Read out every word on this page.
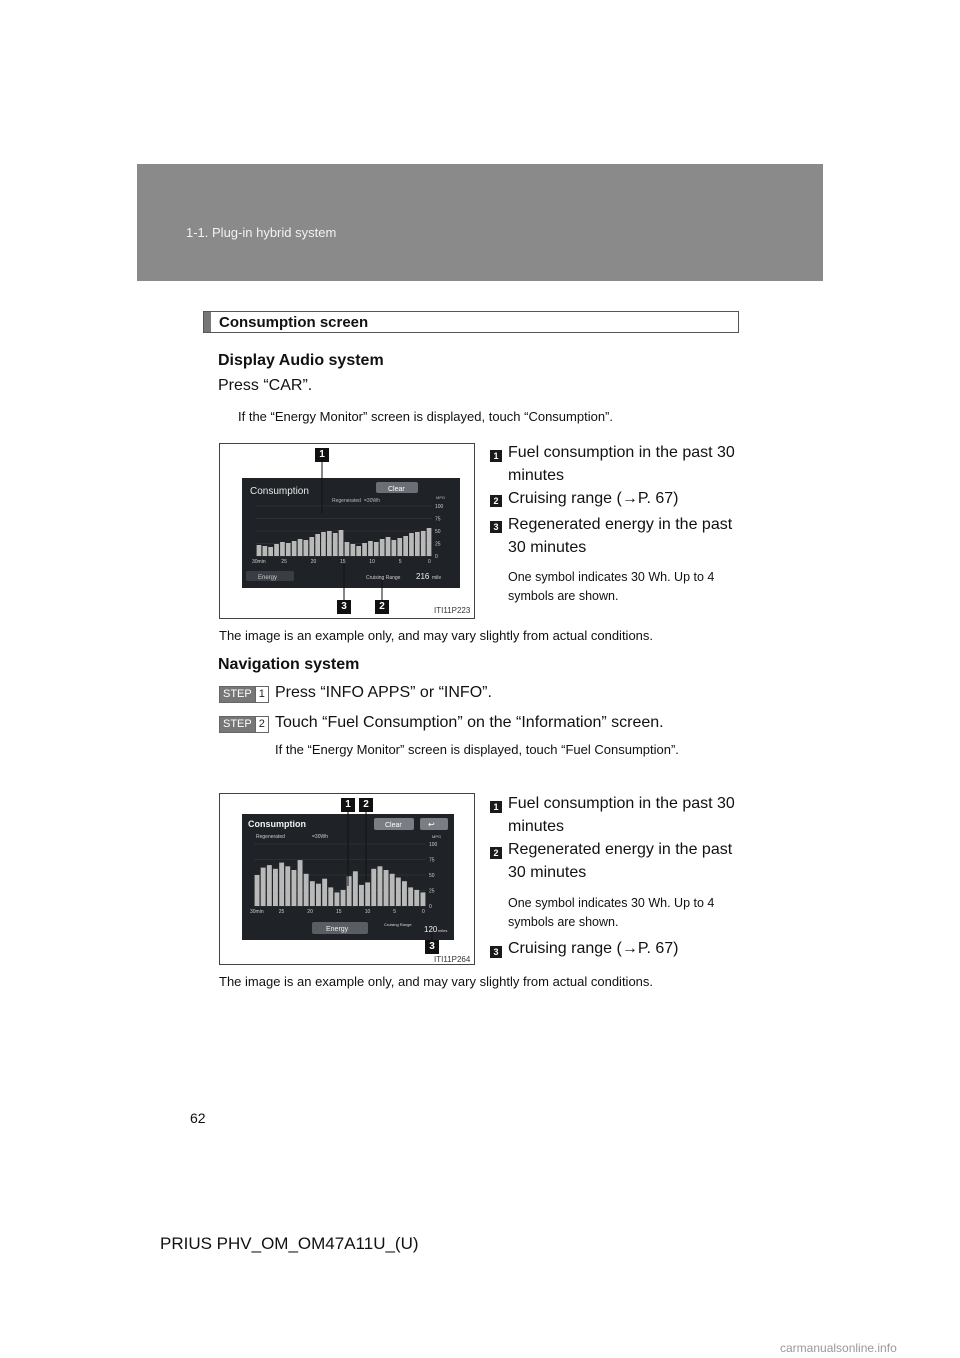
1-1. Plug-in hybrid system
Consumption screen
Display Audio system
Press “CAR”.
If the “Energy Monitor” screen is displayed, touch “Consumption”.
Consumption	Clear
Regenerated =30Wh
MPG
100
75
50
25
0
30min	25	20	15	10	5	0
Energy	Cruising Range 216 mile
1
3	2	ITI11P223
1 Fuel consumption in the past 30 minutes
2 Cruising range (→P. 67)
3 Regenerated energy in the past 30 minutes
One symbol indicates 30 Wh. Up to 4 symbols are shown.
The image is an example only, and may vary slightly from actual conditions.
Navigation system
STEP 1 Press “INFO APPS” or “INFO”.
STEP 2 Touch “Fuel Consumption” on the “Information” screen.
If the “Energy Monitor” screen is displayed, touch “Fuel Consumption”.
Consumption	Clear	↩
Regenerated	=30Wh	MPG
100
75
50
25
0
30min	25	20	15	10	5	0
Energy
Cruising Range
120 miles
1	2
3
ITI11P264
1 Fuel consumption in the past 30 minutes
2 Regenerated energy in the past 30 minutes
One symbol indicates 30 Wh. Up to 4 symbols are shown.
3 Cruising range (→P. 67)
The image is an example only, and may vary slightly from actual conditions.
62
PRIUS PHV_OM_OM47A11U_(U)
carmanualsonline.info
